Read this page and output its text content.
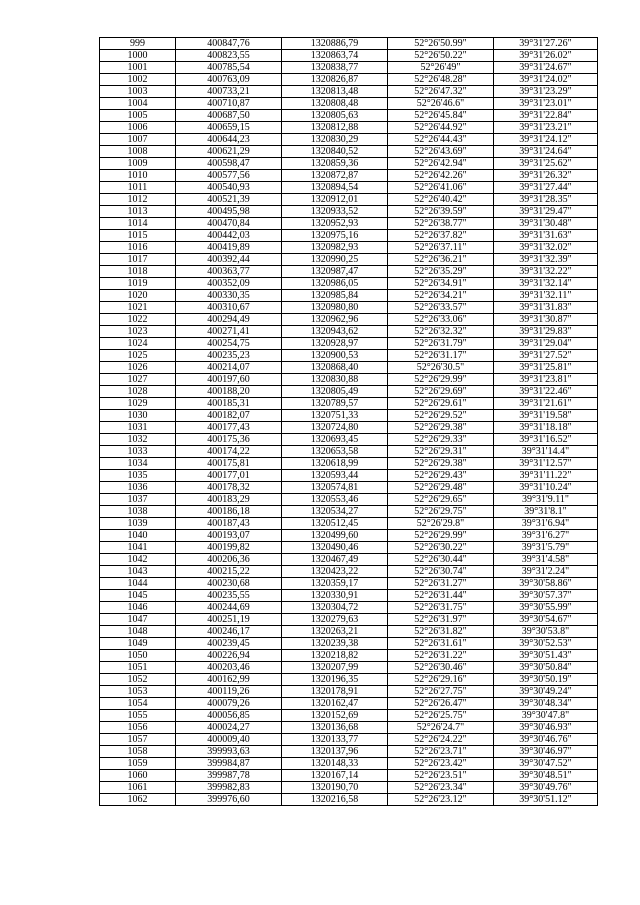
999	400847,76	1320886,79	52°26'50.99"	39°31'27.26"
1000	400823,55	1320863,74	52°26'50.22"	39°31'26.02"
1001	400785,54	1320838,77	52°26'49"	39°31'24.67"
1002	400763,09	1320826,87	52°26'48.28"	39°31'24.02"
1003	400733,21	1320813,48	52°26'47.32"	39°31'23.29"
1004	400710,87	1320808,48	52°26'46.6"	39°31'23.01"
1005	400687,50	1320805,63	52°26'45.84"	39°31'22.84"
1006	400659,15	1320812,88	52°26'44.92"	39°31'23.21"
1007	400644,23	1320830,29	52°26'44.43"	39°31'24.12"
1008	400621,29	1320840,52	52°26'43.69"	39°31'24.64"
1009	400598,47	1320859,36	52°26'42.94"	39°31'25.62"
1010	400577,56	1320872,87	52°26'42.26"	39°31'26.32"
1011	400540,93	1320894,54	52°26'41.06"	39°31'27.44"
1012	400521,39	1320912,01	52°26'40.42"	39°31'28.35"
1013	400495,98	1320933,52	52°26'39.59"	39°31'29.47"
1014	400470,84	1320952,93	52°26'38.77"	39°31'30.48"
1015	400442,03	1320975,16	52°26'37.82"	39°31'31.63"
1016	400419,89	1320982,93	52°26'37.11"	39°31'32.02"
1017	400392,44	1320990,25	52°26'36.21"	39°31'32.39"
1018	400363,77	1320987,47	52°26'35.29"	39°31'32.22"
1019	400352,09	1320986,05	52°26'34.91"	39°31'32.14"
1020	400330,35	1320985,84	52°26'34.21"	39°31'32.11"
1021	400310,67	1320980,80	52°26'33.57"	39°31'31.83"
1022	400294,49	1320962,96	52°26'33.06"	39°31'30.87"
1023	400271,41	1320943,62	52°26'32.32"	39°31'29.83"
1024	400254,75	1320928,97	52°26'31.79"	39°31'29.04"
1025	400235,23	1320900,53	52°26'31.17"	39°31'27.52"
1026	400214,07	1320868,40	52°26'30.5"	39°31'25.81"
1027	400197,60	1320830,88	52°26'29.99"	39°31'23.81"
1028	400188,20	1320805,49	52°26'29.69"	39°31'22.46"
1029	400185,31	1320789,57	52°26'29.61"	39°31'21.61"
1030	400182,07	1320751,33	52°26'29.52"	39°31'19.58"
1031	400177,43	1320724,80	52°26'29.38"	39°31'18.18"
1032	400175,36	1320693,45	52°26'29.33"	39°31'16.52"
1033	400174,22	1320653,58	52°26'29.31"	39°31'14.4"
1034	400175,81	1320618,99	52°26'29.38"	39°31'12.57"
1035	400177,01	1320593,44	52°26'29.43"	39°31'11.22"
1036	400178,32	1320574,81	52°26'29.48"	39°31'10.24"
1037	400183,29	1320553,46	52°26'29.65"	39°31'9.11"
1038	400186,18	1320534,27	52°26'29.75"	39°31'8.1"
1039	400187,43	1320512,45	52°26'29.8"	39°31'6.94"
1040	400193,07	1320499,60	52°26'29.99"	39°31'6.27"
1041	400199,82	1320490,46	52°26'30.22"	39°31'5.79"
1042	400206,36	1320467,49	52°26'30.44"	39°31'4.58"
1043	400215,22	1320423,22	52°26'30.74"	39°31'2.24"
1044	400230,68	1320359,17	52°26'31.27"	39°30'58.86"
1045	400235,55	1320330,91	52°26'31.44"	39°30'57.37"
1046	400244,69	1320304,72	52°26'31.75"	39°30'55.99"
1047	400251,19	1320279,63	52°26'31.97"	39°30'54.67"
1048	400246,17	1320263,21	52°26'31.82"	39°30'53.8"
1049	400239,45	1320239,38	52°26'31.61"	39°30'52.53"
1050	400226,94	1320218,82	52°26'31.22"	39°30'51.43"
1051	400203,46	1320207,99	52°26'30.46"	39°30'50.84"
1052	400162,99	1320196,35	52°26'29.16"	39°30'50.19"
1053	400119,26	1320178,91	52°26'27.75"	39°30'49.24"
1054	400079,26	1320162,47	52°26'26.47"	39°30'48.34"
1055	400056,85	1320152,69	52°26'25.75"	39°30'47.8"
1056	400024,27	1320136,68	52°26'24.7"	39°30'46.93"
1057	400009,40	1320133,77	52°26'24.22"	39°30'46.76"
1058	399993,63	1320137,96	52°26'23.71"	39°30'46.97"
1059	399984,87	1320148,33	52°26'23.42"	39°30'47.52"
1060	399987,78	1320167,14	52°26'23.51"	39°30'48.51"
1061	399982,83	1320190,70	52°26'23.34"	39°30'49.76"
1062	399976,60	1320216,58	52°26'23.12"	39°30'51.12"
